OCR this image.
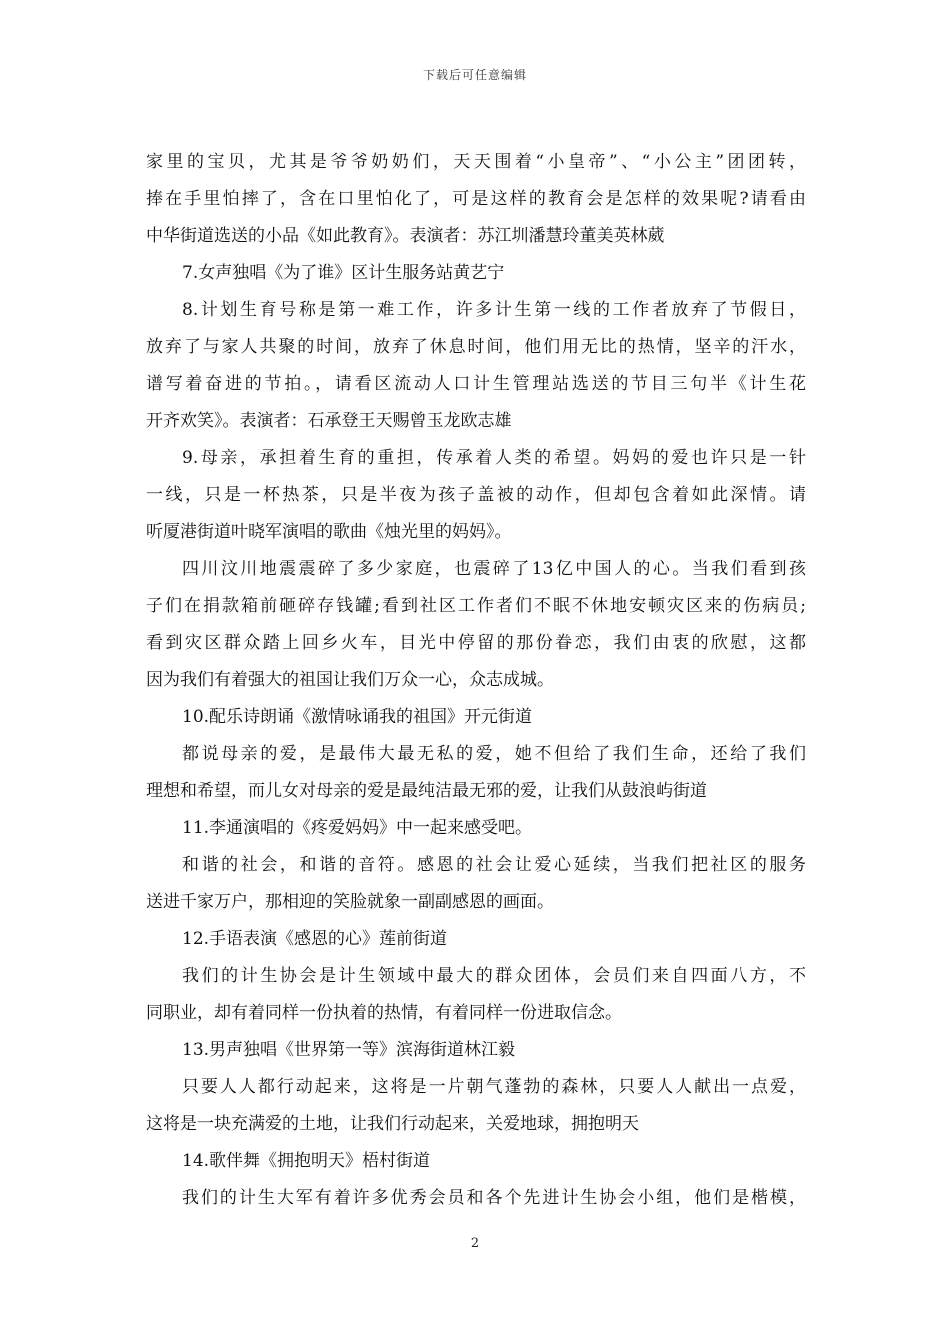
下载后可任意编辑
家里的宝贝，尤其是爷爷奶奶们，天天围着“小皇帝”、“小公主”团团转，
捧在手里怕摔了，含在口里怕化了，可是这样的教育会是怎样的效果呢?请看由
中华街道选送的小品《如此教育》。表演者：苏江圳潘慧玲董美英林葳
7.女声独唱《为了谁》区计生服务站黄艺宁
8.计划生育号称是第一难工作，许多计生第一线的工作者放弃了节假日，
放弃了与家人共聚的时间，放弃了休息时间，他们用无比的热情，坚辛的汗水，
谱写着奋进的节拍。，请看区流动人口计生管理站选送的节目三句半《计生花
开齐欢笑》。表演者：石承登王天赐曾玉龙欧志雄
9.母亲，承担着生育的重担，传承着人类的希望。妈妈的爱也许只是一针
一线，只是一杯热茶，只是半夜为孩子盖被的动作，但却包含着如此深情。请
听厦港街道叶晓军演唱的歌曲《烛光里的妈妈》。
四川汶川地震震碎了多少家庭，也震碎了13亿中国人的心。当我们看到孩
子们在捐款箱前砸碎存钱罐;看到社区工作者们不眠不休地安顿灾区来的伤病员;
看到灾区群众踏上回乡火车，目光中停留的那份眷恋，我们由衷的欣慰，这都
因为我们有着强大的祖国让我们万众一心，众志成城。
10.配乐诗朗诵《激情咏诵我的祖国》开元街道
都说母亲的爱，是最伟大最无私的爱，她不但给了我们生命，还给了我们
理想和希望，而儿女对母亲的爱是最纯洁最无邪的爱，让我们从鼓浪屿街道
11.李通演唱的《疼爱妈妈》中一起来感受吧。
和谐的社会，和谐的音符。感恩的社会让爱心延续，当我们把社区的服务
送进千家万户，那相迎的笑脸就象一副副感恩的画面。
12.手语表演《感恩的心》莲前街道
我们的计生协会是计生领域中最大的群众团体，会员们来自四面八方，不
同职业，却有着同样一份执着的热情，有着同样一份进取信念。
13.男声独唱《世界第一等》滨海街道林江毅
只要人人都行动起来，这将是一片朝气蓬勃的森林，只要人人献出一点爱，
这将是一块充满爱的土地，让我们行动起来，关爱地球，拥抱明天
14.歌伴舞《拥抱明天》梧村街道
我们的计生大军有着许多优秀会员和各个先进计生协会小组，他们是楷模，
2
